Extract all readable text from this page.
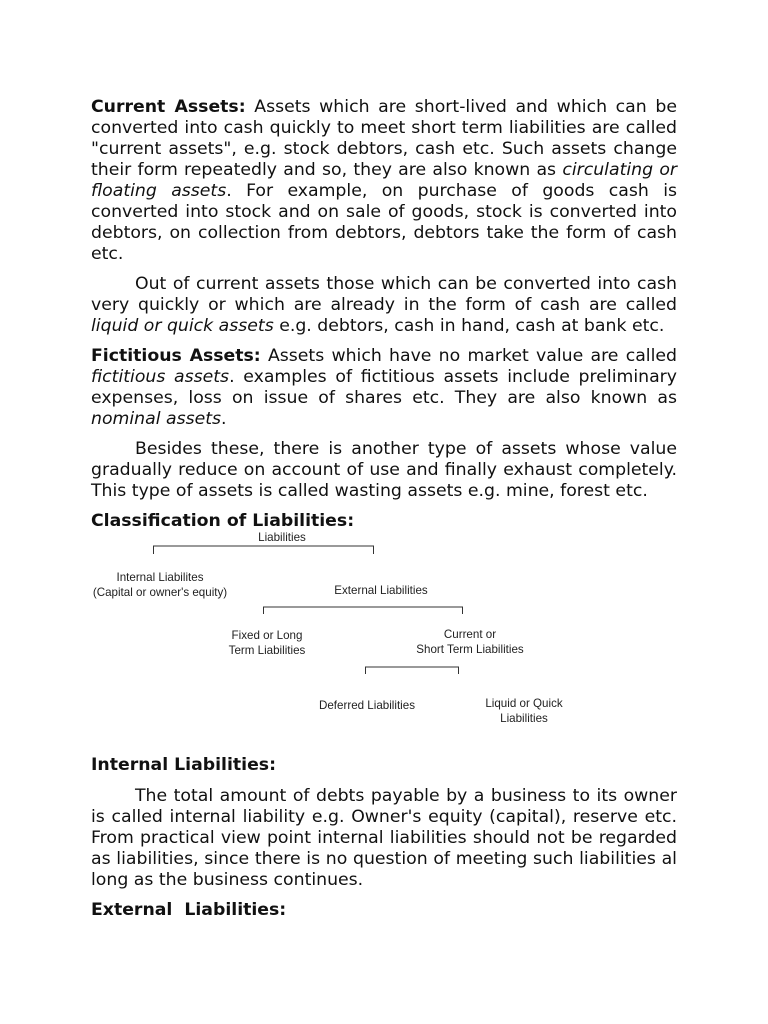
Current Assets: Assets which are short-lived and which can be converted into cash quickly to meet short term liabilities are called "current assets", e.g. stock debtors, cash etc. Such assets change their form repeatedly and so, they are also known as circulating or floating assets. For example, on purchase of goods cash is converted into stock and on sale of goods, stock is converted into debtors, on collection from debtors, debtors take the form of cash etc.

Out of current assets those which can be converted into cash very quickly or which are already in the form of cash are called liquid or quick assets e.g. debtors, cash in hand, cash at bank etc.

Fictitious Assets: Assets which have no market value are called fictitious assets. examples of fictitious assets include preliminary expenses, loss on issue of shares etc. They are also known as nominal assets.

Besides these, there is another type of assets whose value gradually reduce on account of use and finally exhaust completely. This type of assets is called wasting assets e.g. mine, forest etc.

Classification of Liabilities:

Liabilities
Internal Liabilites
(Capital or owner's equity)	External Liabilities
Fixed or Long
Term Liabilities
Current or
Short Term Liabilities
Deferred Liabilities	Liquid or Quick
Liabilities

Internal Liabilities:

The total amount of debts payable by a business to its owner is called internal liability e.g. Owner's equity (capital), reserve etc. From practical view point internal liabilities should not be regarded as liabilities, since there is no question of meeting such liabilities al long as the business continues.

External  Liabilities:
